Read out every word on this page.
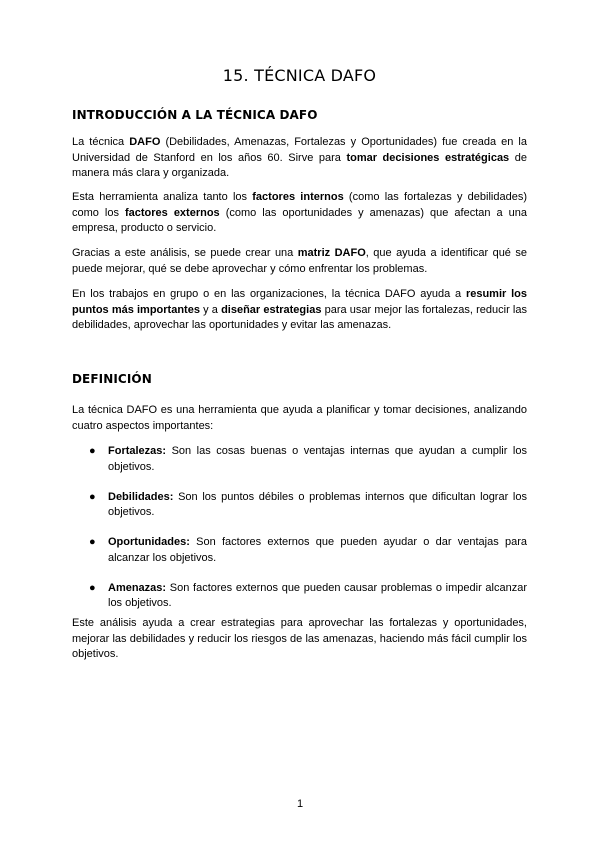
15. TÉCNICA DAFO
INTRODUCCIÓN A LA TÉCNICA DAFO
La técnica DAFO (Debilidades, Amenazas, Fortalezas y Oportunidades) fue creada en la Universidad de Stanford en los años 60. Sirve para tomar decisiones estratégicas de manera más clara y organizada.
Esta herramienta analiza tanto los factores internos (como las fortalezas y debilidades) como los factores externos (como las oportunidades y amenazas) que afectan a una empresa, producto o servicio.
Gracias a este análisis, se puede crear una matriz DAFO, que ayuda a identificar qué se puede mejorar, qué se debe aprovechar y cómo enfrentar los problemas.
En los trabajos en grupo o en las organizaciones, la técnica DAFO ayuda a resumir los puntos más importantes y a diseñar estrategias para usar mejor las fortalezas, reducir las debilidades, aprovechar las oportunidades y evitar las amenazas.
DEFINICIÓN
La técnica DAFO es una herramienta que ayuda a planificar y tomar decisiones, analizando cuatro aspectos importantes:
● Fortalezas: Son las cosas buenas o ventajas internas que ayudan a cumplir los objetivos.
● Debilidades: Son los puntos débiles o problemas internos que dificultan lograr los objetivos.
● Oportunidades: Son factores externos que pueden ayudar o dar ventajas para alcanzar los objetivos.
● Amenazas: Son factores externos que pueden causar problemas o impedir alcanzar los objetivos.
Este análisis ayuda a crear estrategias para aprovechar las fortalezas y oportunidades, mejorar las debilidades y reducir los riesgos de las amenazas, haciendo más fácil cumplir los objetivos.
1
